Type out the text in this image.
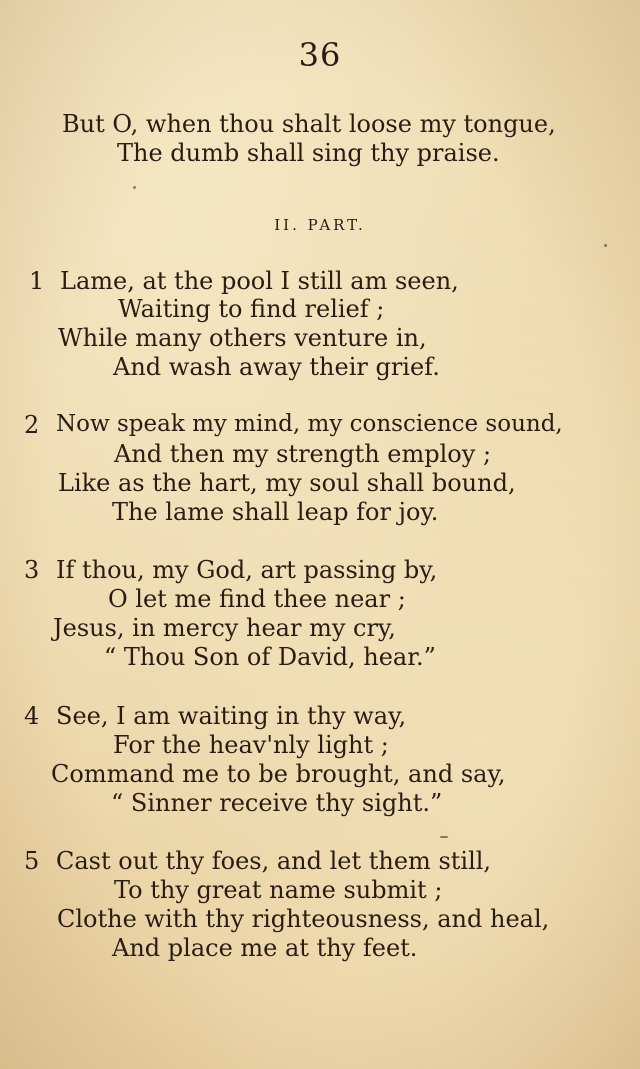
36
But O, when thou shalt loose my tongue,
The dumb shall sing thy praise.
II. PART.
1 Lame, at the pool I still am seen,
Waiting to find relief ;
While many others venture in,
And wash away their grief.
2 Now speak my mind, my conscience sound,
And then my strength employ ;
Like as the hart, my soul shall bound,
The lame shall leap for joy.
3 If thou, my God, art passing by,
O let me find thee near ;
Jesus, in mercy hear my cry,
“ Thou Son of David, hear.”
4 See, I am waiting in thy way,
For the heav'nly light ;
Command me to be brought, and say,
“ Sinner receive thy sight.”
5 Cast out thy foes, and let them still,
To thy great name submit ;
Clothe with thy righteousness, and heal,
And place me at thy feet.
